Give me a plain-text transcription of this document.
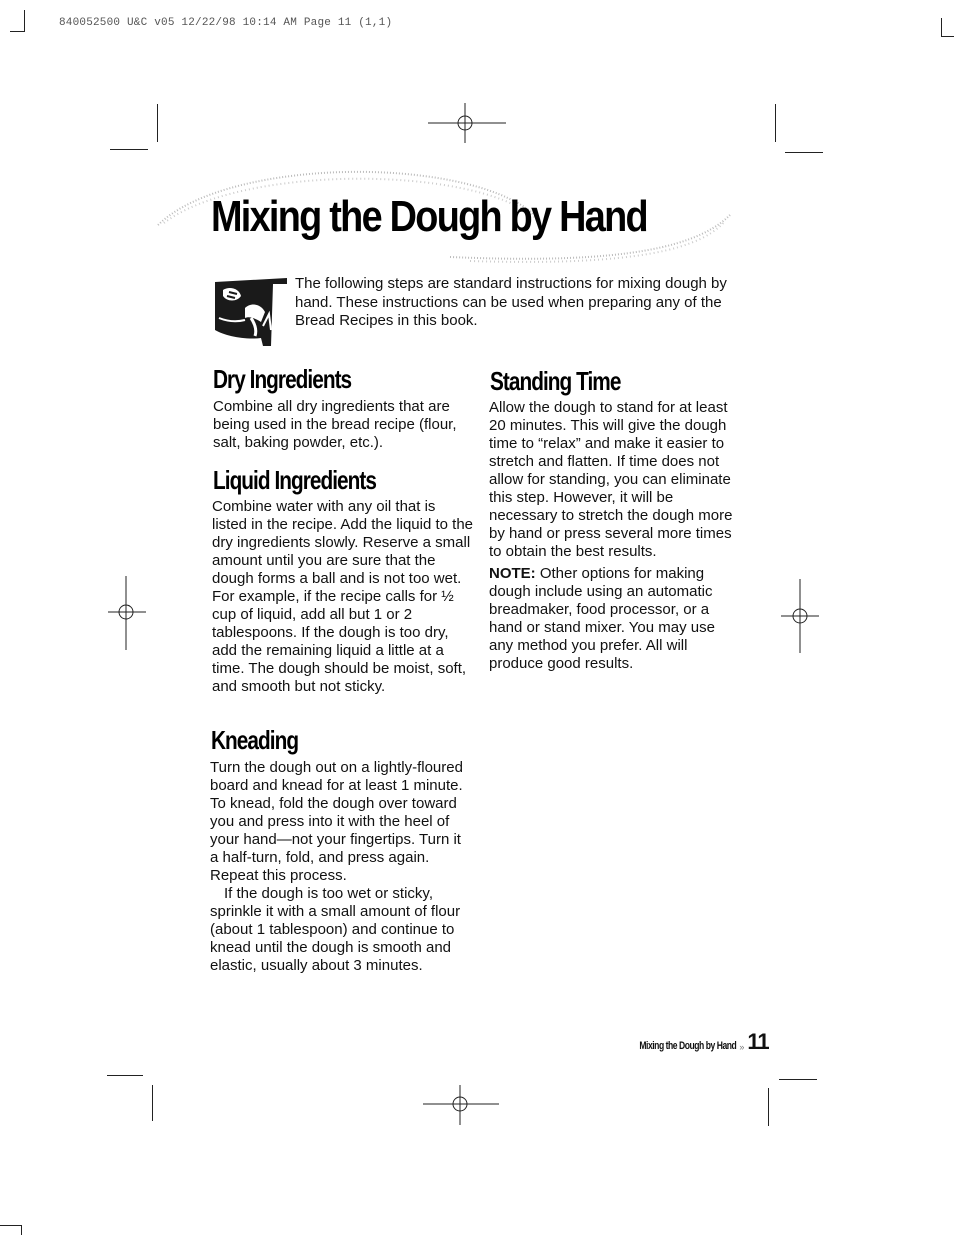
840052500 U&C v05 12/22/98 10:14 AM Page 11 (1,1)
Mixing the Dough by Hand
The following steps are standard instructions for mixing dough by hand. These instructions can be used when preparing any of the Bread Recipes in this book.
Dry Ingredients

Combine all dry ingredients that are being used in the bread recipe (flour, salt, baking powder, etc.).

Liquid Ingredients

Combine water with any oil that is listed in the recipe. Add the liquid to the dry ingredients slowly. Reserve a small amount until you are sure that the dough forms a ball and is not too wet. For example, if the recipe calls for ½ cup of liquid, add all but 1 or 2 tablespoons. If the dough is too dry, add the remaining liquid a little at a time. The dough should be moist, soft, and smooth but not sticky.

Kneading

Turn the dough out on a lightly-floured board and knead for at least 1 minute. To knead, fold the dough over toward you and press into it with the heel of your hand—not your fingertips. Turn it a half-turn, fold, and press again. Repeat this process.

If the dough is too wet or sticky, sprinkle it with a small amount of flour (about 1 tablespoon) and continue to knead until the dough is smooth and elastic, usually about 3 minutes.

Standing Time

Allow the dough to stand for at least 20 minutes. This will give the dough time to “relax” and make it easier to stretch and flatten. If time does not allow for standing, you can eliminate this step. However, it will be necessary to stretch the dough more by hand or press several more times to obtain the best results.

NOTE: Other options for making dough include using an automatic breadmaker, food processor, or a hand or stand mixer. You may use any method you prefer. All will produce good results.

Mixing the Dough by Hand » 11
